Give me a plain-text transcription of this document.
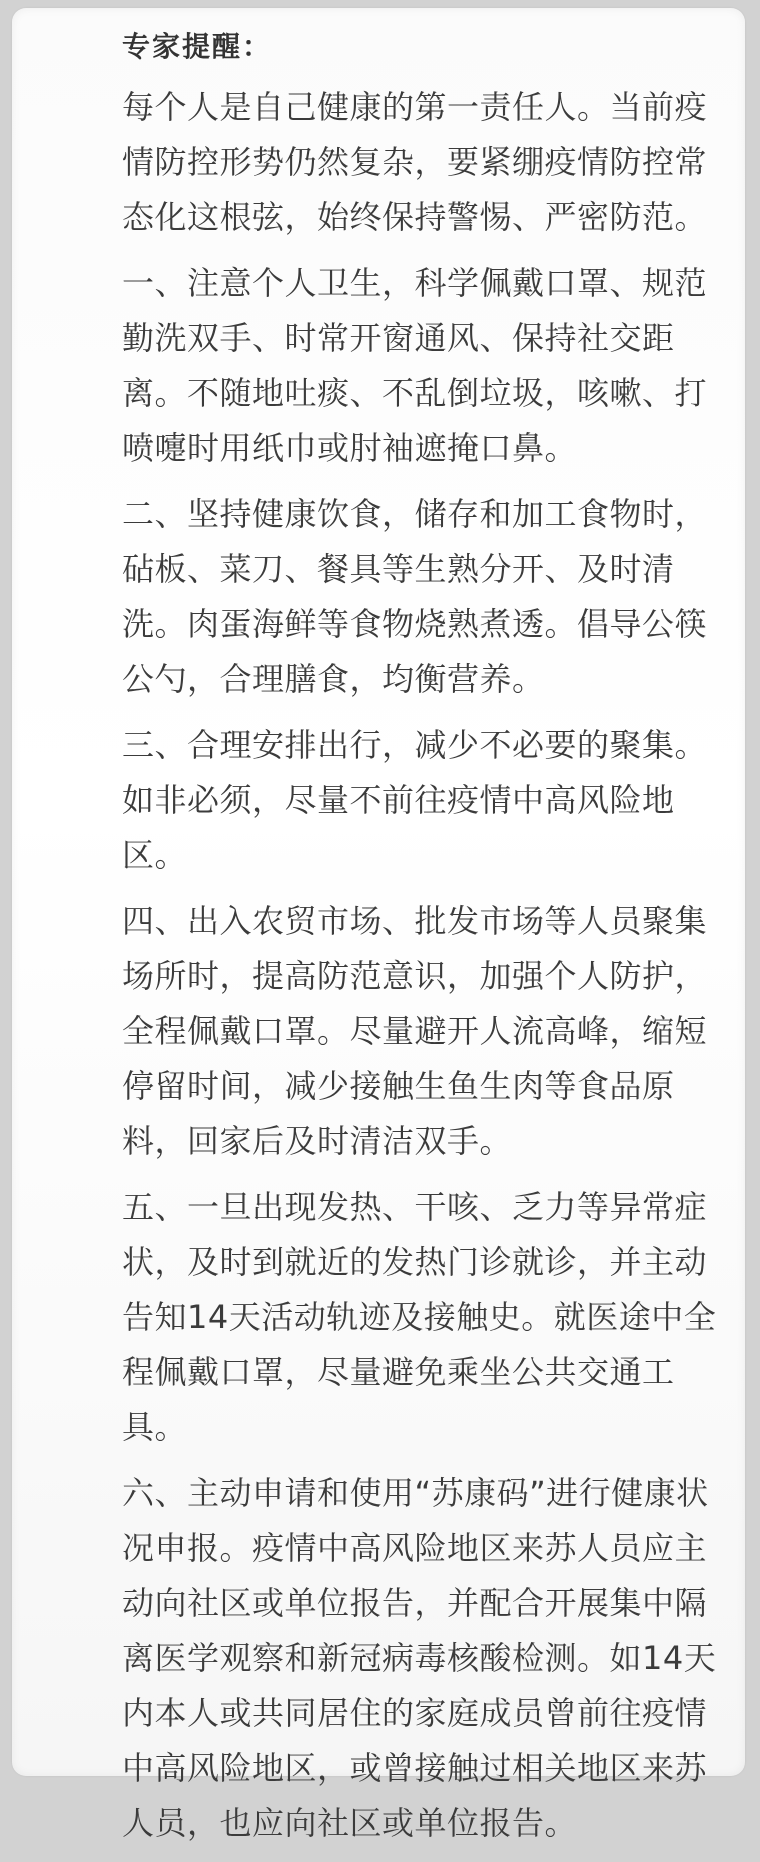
专家提醒：

每个人是自己健康的第一责任人。当前疫情防控形势仍然复杂，要紧绷疫情防控常态化这根弦，始终保持警惕、严密防范。

一、注意个人卫生，科学佩戴口罩、规范勤洗双手、时常开窗通风、保持社交距离。不随地吐痰、不乱倒垃圾，咳嗽、打喷嚏时用纸巾或肘袖遮掩口鼻。

二、坚持健康饮食，储存和加工食物时，砧板、菜刀、餐具等生熟分开、及时清洗。肉蛋海鲜等食物烧熟煮透。倡导公筷公勺，合理膳食，均衡营养。

三、合理安排出行，减少不必要的聚集。如非必须，尽量不前往疫情中高风险地区。

四、出入农贸市场、批发市场等人员聚集场所时，提高防范意识，加强个人防护，全程佩戴口罩。尽量避开人流高峰，缩短停留时间，减少接触生鱼生肉等食品原料，回家后及时清洁双手。

五、一旦出现发热、干咳、乏力等异常症状，及时到就近的发热门诊就诊，并主动告知14天活动轨迹及接触史。就医途中全程佩戴口罩，尽量避免乘坐公共交通工具。

六、主动申请和使用“苏康码”进行健康状况申报。疫情中高风险地区来苏人员应主动向社区或单位报告，并配合开展集中隔离医学观察和新冠病毒核酸检测。如14天内本人或共同居住的家庭成员曾前往疫情中高风险地区，或曾接触过相关地区来苏人员，也应向社区或单位报告。
